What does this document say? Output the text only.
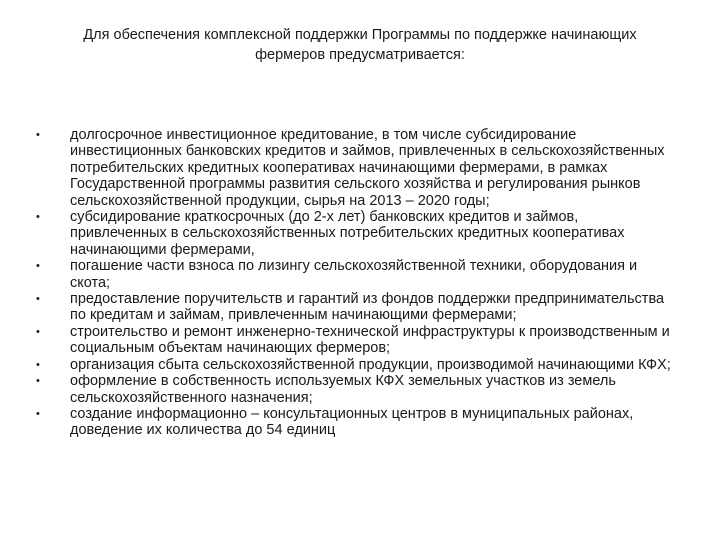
Для обеспечения комплексной поддержки Программы по поддержке начинающих
фермеров предусматривается:
•	долгосрочное инвестиционное кредитование, в том числе субсидирование инвестиционных банковских кредитов и займов, привлеченных в сельскохозяйственных потребительских кредитных кооперативах начинающими фермерами, в рамках Государственной программы развития сельского хозяйства и регулирования рынков сельскохозяйственной продукции, сырья на 2013 – 2020 годы;
•	субсидирование краткосрочных (до 2-х лет) банковских кредитов и займов, привлеченных в сельскохозяйственных потребительских кредитных кооперативах начинающими фермерами,
•	погашение части взноса по лизингу сельскохозяйственной техники, оборудования и скота;
•	предоставление поручительств и гарантий из фондов поддержки предпринимательства по кредитам и займам, привлеченным начинающими фермерами;
•	строительство и ремонт инженерно-технической инфраструктуры к производственным и социальным объектам начинающих фермеров;
•	организация сбыта сельскохозяйственной продукции, производимой начинающими КФХ;
•	оформление в собственность используемых КФХ земельных участков из земель сельскохозяйственного назначения;
•	создание информационно – консультационных центров в муниципальных районах, доведение их количества до 54 единиц
